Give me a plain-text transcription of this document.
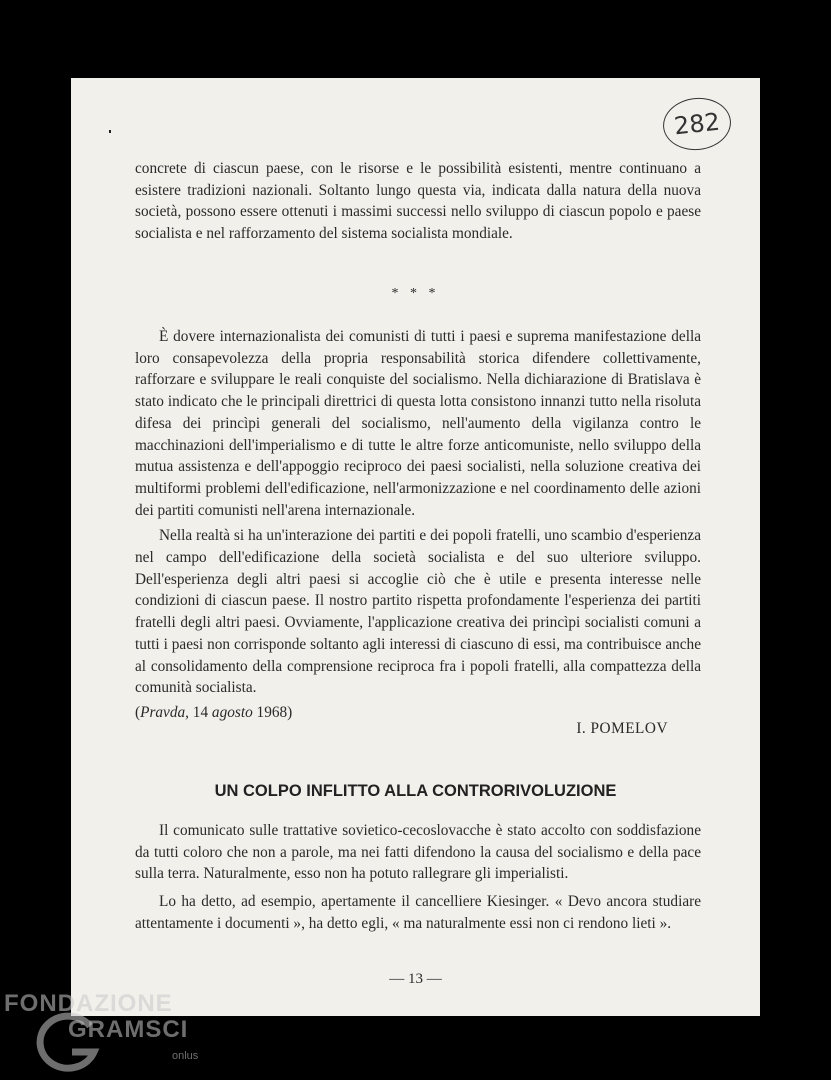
282

concrete di ciascun paese, con le risorse e le possibilità esistenti, mentre continuano a esistere tradizioni nazionali. Soltanto lungo questa via, indicata dalla natura della nuova società, possono essere ottenuti i massimi successi nello sviluppo di ciascun popolo e paese socialista e nel rafforzamento del sistema socialista mondiale.

* * *

È dovere internazionalista dei comunisti di tutti i paesi e suprema manifestazione della loro consapevolezza della propria responsabilità storica difendere collettivamente, rafforzare e sviluppare le reali conquiste del socialismo. Nella dichiarazione di Bratislava è stato indicato che le principali direttrici di questa lotta consistono innanzi tutto nella risoluta difesa dei princìpi generali del socialismo, nell'aumento della vigilanza contro le macchinazioni dell'imperialismo e di tutte le altre forze anticomuniste, nello sviluppo della mutua assistenza e dell'appoggio reciproco dei paesi socialisti, nella soluzione creativa dei multiformi problemi dell'edificazione, nell'armonizzazione e nel coordinamento delle azioni dei partiti comunisti nell'arena internazionale.

Nella realtà si ha un'interazione dei partiti e dei popoli fratelli, uno scambio d'esperienza nel campo dell'edificazione della società socialista e del suo ulteriore sviluppo. Dell'esperienza degli altri paesi si accoglie ciò che è utile e presenta interesse nelle condizioni di ciascun paese. Il nostro partito rispetta profondamente l'esperienza dei partiti fratelli degli altri paesi. Ovviamente, l'applicazione creativa dei princìpi socialisti comuni a tutti i paesi non corrisponde soltanto agli interessi di ciascuno di essi, ma contribuisce anche al consolidamento della comprensione reciproca fra i popoli fratelli, alla compattezza della comunità socialista.

(Pravda, 14 agosto 1968)
I. POMELOV
UN COLPO INFLITTO ALLA CONTRORIVOLUZIONE

Il comunicato sulle trattative sovietico-cecoslovacche è stato accolto con soddisfazione da tutti coloro che non a parole, ma nei fatti difendono la causa del socialismo e della pace sulla terra. Naturalmente, esso non ha potuto rallegrare gli imperialisti.

Lo ha detto, ad esempio, apertamente il cancelliere Kiesinger. « Devo ancora studiare attentamente i documenti », ha detto egli, « ma naturalmente essi non ci rendono lieti ».

— 13 —
FONDAZIONE
GRAMSCI
onlus
